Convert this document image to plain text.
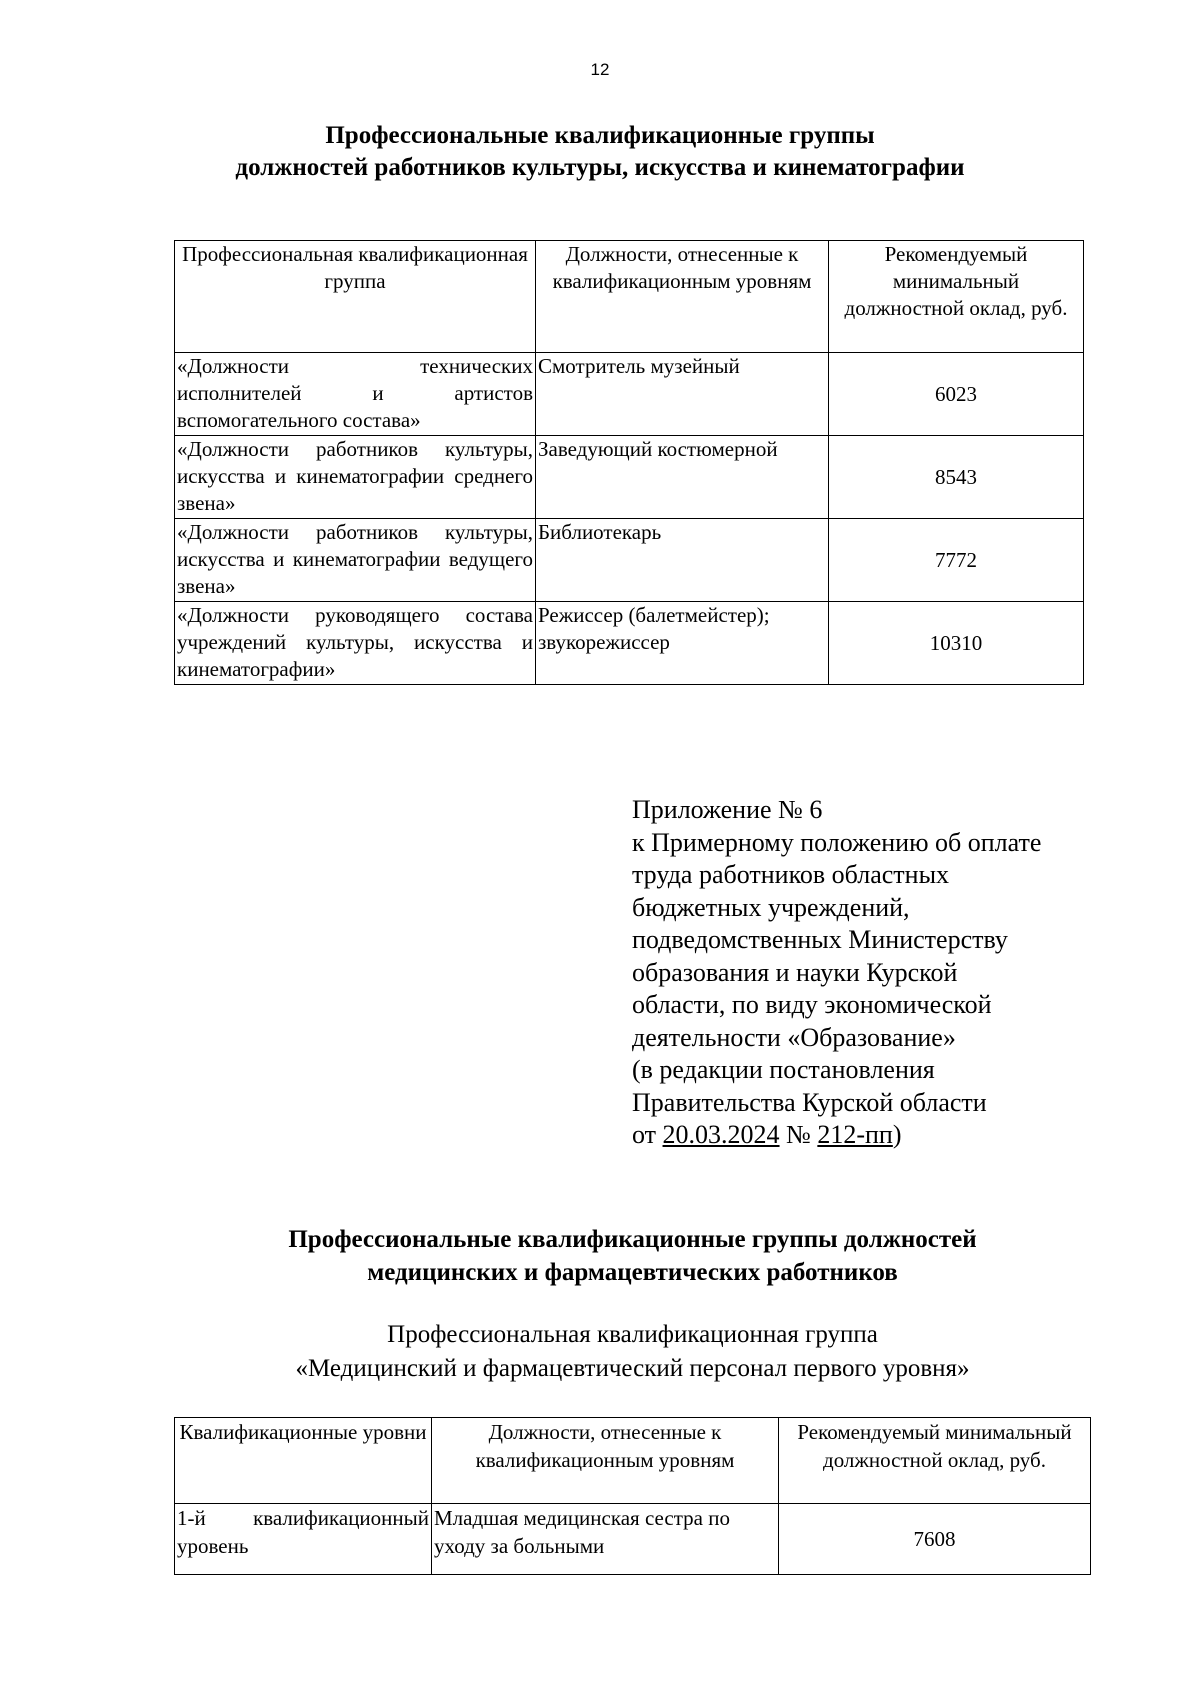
12
Профессиональные квалификационные группы
должностей работников культуры, искусства и кинематографии
Профессиональная квалификационная группа	Должности, отнесенные к квалификационным уровням	Рекомендуемый минимальный должностной оклад, руб.
«Должности технических исполнителей и артистов вспомогательного состава»	Смотритель музейный	6023
«Должности работников культуры, искусства и кинематографии среднего звена»	Заведующий костюмерной	8543
«Должности работников культуры, искусства и кинематографии ведущего звена»	Библиотекарь	7772
«Должности руководящего состава учреждений культуры, искусства и кинематографии»	Режиссер (балетмейстер); звукорежиссер	10310
Приложение № 6
к Примерному положению об оплате
труда работников областных
бюджетных учреждений,
подведомственных Министерству
образования и науки Курской
области, по виду экономической
деятельности «Образование»
(в редакции постановления
Правительства Курской области
от 20.03.2024 № 212-пп)
Профессиональные квалификационные группы должностей
медицинских и фармацевтических работников
Профессиональная квалификационная группа
«Медицинский и фармацевтический персонал первого уровня»
Квалификационные уровни	Должности, отнесенные к квалификационным уровням	Рекомендуемый минимальный должностной оклад, руб.
1-й квалификационный уровень	Младшая медицинская сестра по уходу за больными	7608
